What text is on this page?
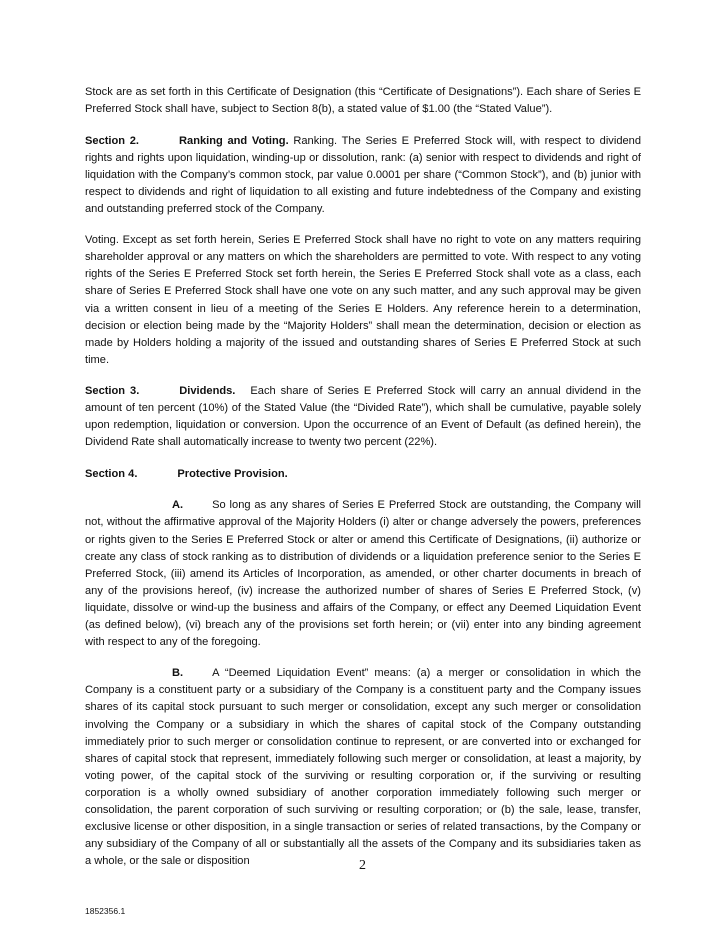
Stock are as set forth in this Certificate of Designation (this “Certificate of Designations”). Each share of Series E Preferred Stock shall have, subject to Section 8(b), a stated value of $1.00 (the “Stated Value”).

Section 2.	Ranking and Voting. Ranking. The Series E Preferred Stock will, with respect to dividend rights and rights upon liquidation, winding-up or dissolution, rank: (a) senior with respect to dividends and right of liquidation with the Company’s common stock, par value 0.0001 per share (“Common Stock”), and (b) junior with respect to dividends and right of liquidation to all existing and future indebtedness of the Company and existing and outstanding preferred stock of the Company.

Voting. Except as set forth herein, Series E Preferred Stock shall have no right to vote on any matters requiring shareholder approval or any matters on which the shareholders are permitted to vote. With respect to any voting rights of the Series E Preferred Stock set forth herein, the Series E Preferred Stock shall vote as a class, each share of Series E Preferred Stock shall have one vote on any such matter, and any such approval may be given via a written consent in lieu of a meeting of the Series E Holders. Any reference herein to a determination, decision or election being made by the “Majority Holders” shall mean the determination, decision or election as made by Holders holding a majority of the issued and outstanding shares of Series E Preferred Stock at such time.

Section 3.	Dividends. Each share of Series E Preferred Stock will carry an annual dividend in the amount of ten percent (10%) of the Stated Value (the “Divided Rate”), which shall be cumulative, payable solely upon redemption, liquidation or conversion. Upon the occurrence of an Event of Default (as defined herein), the Dividend Rate shall automatically increase to twenty two percent (22%).

Section 4.	Protective Provision.

A.	So long as any shares of Series E Preferred Stock are outstanding, the Company will not, without the affirmative approval of the Majority Holders (i) alter or change adversely the powers, preferences or rights given to the Series E Preferred Stock or alter or amend this Certificate of Designations, (ii) authorize or create any class of stock ranking as to distribution of dividends or a liquidation preference senior to the Series E Preferred Stock, (iii) amend its Articles of Incorporation, as amended, or other charter documents in breach of any of the provisions hereof, (iv) increase the authorized number of shares of Series E Preferred Stock, (v) liquidate, dissolve or wind-up the business and affairs of the Company, or effect any Deemed Liquidation Event (as defined below), (vi) breach any of the provisions set forth herein; or (vii) enter into any binding agreement with respect to any of the foregoing.

B.	A “Deemed Liquidation Event” means: (a) a merger or consolidation in which the Company is a constituent party or a subsidiary of the Company is a constituent party and the Company issues shares of its capital stock pursuant to such merger or consolidation, except any such merger or consolidation involving the Company or a subsidiary in which the shares of capital stock of the Company outstanding immediately prior to such merger or consolidation continue to represent, or are converted into or exchanged for shares of capital stock that represent, immediately following such merger or consolidation, at least a majority, by voting power, of the capital stock of the surviving or resulting corporation or, if the surviving or resulting corporation is a wholly owned subsidiary of another corporation immediately following such merger or consolidation, the parent corporation of such surviving or resulting corporation; or (b) the sale, lease, transfer, exclusive license or other disposition, in a single transaction or series of related transactions, by the Company or any subsidiary of the Company of all or substantially all the assets of the Company and its subsidiaries taken as a whole, or the sale or disposition	2
1852356.1
